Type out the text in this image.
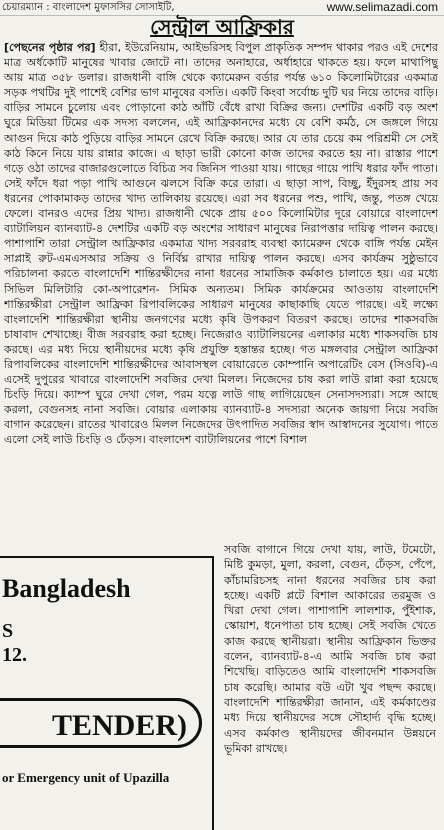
চেয়ারম্যান : বাংলাদেশ মুফাসসির সোসাইটি,	www.selimazadi.com
সেন্ট্রাল আফ্রিকার

[পেছনের পৃষ্ঠার পর] হীরা, ইউরেনিয়াম, আইভরিসহ বিপুল প্রাকৃতিক সম্পদ থাকার পরও এই দেশের মাত্র অর্ধকোটি মানুষের খাবার জোটে না। তাদের অনাহারে, অর্ধাহারে থাকতে হয়। ফলে মাথাপিছু আয় মাত্র ৩৫৮ ডলার। রাজধানী বাঙ্গি থেকে ক্যামেরুন বর্ডার পর্যন্ত ৬১০ কিলোমিটারের একমাত্র সড়ক পথটির দুই পাশেই বেশির ভাগ মানুষের বসতি। একটি কিংবা সর্বোচ্চ দুটি ঘর নিয়ে তাদের বাড়ি। বাড়ির সামনে চুলোয় এবং পোড়ানো কাঠ আঁটি বেঁধে রাখা বিক্রির জন্য। দেশটির একটি বড় অংশ ঘুরে মিডিয়া টিমের এক সদস্য বললেন, এই আফ্রিকানদের মধ্যে যে বেশি কর্মঠ, সে জঙ্গলে গিয়ে আগুন দিয়ে কাঠ পুড়িয়ে বাড়ির সামনে রেখে বিক্রি করছে। আর যে তার চেয়ে কম পরিশ্রমী সে সেই কাঠ কিনে নিয়ে যায় রান্নার কাজে। এ ছাড়া ভারী কোনো কাজ তাদের করতে হয় না। রাস্তার পাশে গড়ে ওঠা তাদের বাজারগুলোতে বিচিত্র সব জিনিস পাওয়া যায়। গাছের গায়ে পাখি ধরার ফাঁদ পাতা। সেই ফাঁদে ধরা পড়া পাখি আগুনে ঝলসে বিক্রি করে তারা। এ ছাড়া সাপ, বিচ্ছু, ইঁদুরসহ প্রায় সব ধরনের পোকামাকড় তাদের খাদ্য তালিকায় রয়েছে। এরা সব ধরনের পশু, পাখি, জন্তু, পতঙ্গ খেয়ে ফেলে। বানরও এদের প্রিয় খাদ্য। রাজধানী থেকে প্রায় ৫০০ কিলোমিটার দূরে বোয়ারে বাংলাদেশ ব্যাটালিয়ন ব্যানব্যাট-৪ দেশটির একটি বড় অংশের সাধারণ মানুষের নিরাপত্তার দায়িত্ব পালন করছে। পাশাপাশি তারা সেন্ট্রাল আফ্রিকার একমাত্র খাদ্য সরবরাহ ব্যবস্থা ক্যামেরুন থেকে বাঙ্গি পর্যন্ত মেইন সাপ্লাই রুট-এমএসআর সক্রিয় ও নির্বিঘ্ন রাখার দায়িত্ব পালন করছে। এসব কার্যক্রম সুষ্ঠুভাবে পরিচালনা করতে বাংলাদেশি শান্তিরক্ষীদের নানা ধরনের সামাজিক কর্মকাণ্ড চালাতে হয়। এর মধ্যে সিভিল মিলিটারি কো-অপারেশন- সিমিক অন্যতম। সিমিক কার্যক্রমের আওতায় বাংলাদেশি শান্তিরক্ষীরা সেন্ট্রাল আফ্রিকা রিপাবলিকের সাধারণ মানুষের কাছাকাছি যেতে পারছে। এই লক্ষ্যে বাংলাদেশি শান্তিরক্ষীরা স্থানীয় জনগণের মধ্যে কৃষি উপকরণ বিতরণ করছে। তাদের শাকসবজি চাষাবাদ শেখাচ্ছে। বীজ সরবরাহ করা হচ্ছে। নিজেরাও ব্যাটালিয়নের এলাকার মধ্যে শাকসবজি চাষ করছে। এর মধ্য দিয়ে স্থানীয়দের মধ্যে কৃষি প্রযুক্তি হস্তান্তর হচ্ছে। গত মঙ্গলবার সেন্ট্রাল আফ্রিকা রিপাবলিকের বাংলাদেশি শান্তিরক্ষীদের আবাসস্থল বোয়ারেতে কোম্পানি অপারেটিং বেস (সিওবি)-এ এসেই দুপুরের খাবারে বাংলাদেশি সবজির দেখা মিলল। নিজেদের চাষ করা লাউ রান্না করা হয়েছে চিংড়ি দিয়ে। ক্যাম্প ঘুরে দেখা গেল, পরম যত্নে লাউ গাছ লাগিয়েছেন সেনাসদস্যরা। সঙ্গে আছে করলা, বেগুনসহ নানা সবজি। বোয়ার এলাকায় ব্যানব্যাট-৪ সদস্যরা অনেক জায়গা নিয়ে সবজি বাগান করেছেন। রাতের খাবারেও মিলল নিজেদের উৎপাদিত সবজির স্বাদ আস্বাদনের সুযোগ। পাতে এলো সেই লাউ চিংড়ি ও ঢেঁড়স। বাংলাদেশ ব্যাটালিয়নের পাশে বিশাল

Bangladesh
S
12.
TENDER)
or Emergency unit of Upazilla
সবজি বাগানে গিয়ে দেখা যায়, লাউ, টমেটো, মিষ্টি কুমড়া, মুলা, করলা, বেগুন, ঢেঁড়স, পেঁপে, কাঁচামরিচসহ নানা ধরনের সবজির চাষ করা হচ্ছে। একটি প্লটে বিশাল আকারের তরমুজ ও খিরা দেখা গেল। পাশাপাশি লালশাক, পুঁইশাক, স্কোয়াশ, ধনেপাতা চাষ হচ্ছে। সেই সবজি খেতে কাজ করছে স্থানীয়রা। স্থানীয় আফ্রিকান ভিক্তর বলেন, ব্যানব্যাট-৪-এ আমি সবজি চাষ করা শিখেছি। বাড়িতেও আমি বাংলাদেশি শাকসবজি চাষ করেছি। আমার বউ এটা খুব পছন্দ করছে। বাংলাদেশি শান্তিরক্ষীরা জানান, এই কর্মকাণ্ডের মধ্য দিয়ে স্থানীয়দের সঙ্গে সৌহার্দ্য বৃদ্ধি হচ্ছে। এসব কর্মকাণ্ড স্থানীয়দের জীবনমান উন্নয়নে ভূমিকা রাখছে।
